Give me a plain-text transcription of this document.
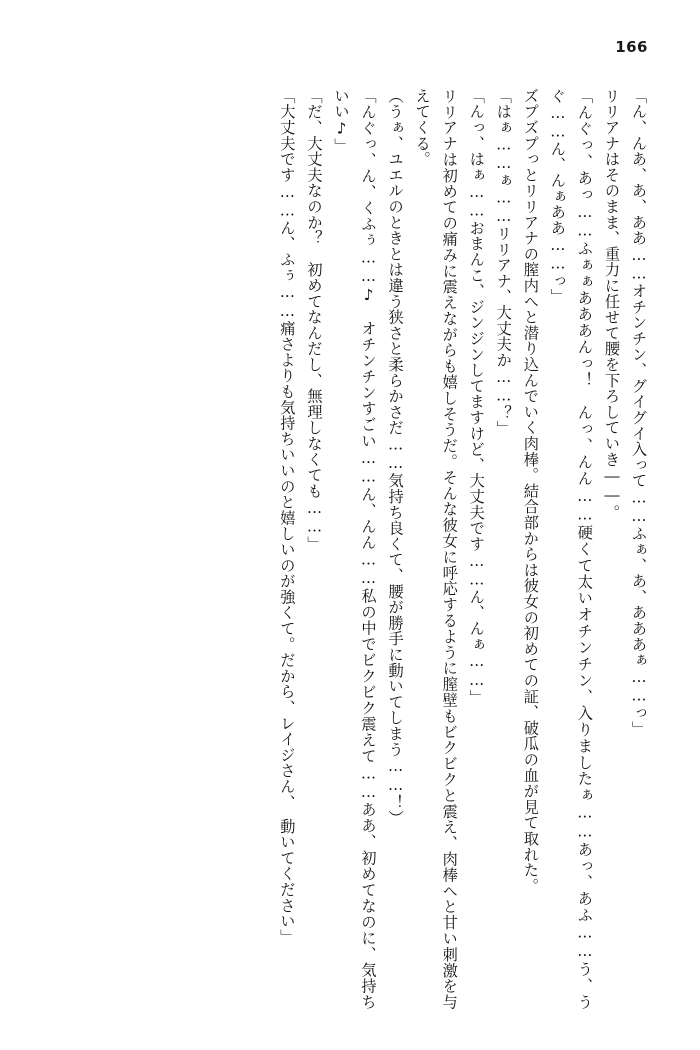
166

「ん、んあ、あ、ああ……オチンチン、グイグイ入って……ふぁ、あ、あああぁ……っ」

リリアナはそのまま、重力に任せて腰を下ろしていき――。

「んぐっ、あっ……ふぁぁあああんっ！　んっ、んん……硬くて太いオチンチン、入りましたぁ……あっ、あふ……う、うぐ……ん、んぁああ……っ」

ズプズプっとリリアナの膣内へと潜り込んでいく肉棒。結合部からは彼女の初めての証、破瓜の血が見て取れた。

「はぁ……ぁ……リリアナ、大丈夫か……？」

「んっ、はぁ……おまんこ、ジンジンしてますけど、大丈夫です……ん、んぁ……」

リリアナは初めての痛みに震えながらも嬉しそうだ。そんな彼女に呼応するように膣壁もビクビクと震え、肉棒へと甘い刺激を与えてくる。

（うぁ、ユエルのときとは違う狭さと柔らかさだ……気持ち良くて、腰が勝手に動いてしまう……！）

「んぐっ、ん、くふぅ……♪　オチンチンすごい……ん、んん……私の中でビクビク震えて……ああ、初めてなのに、気持ちいい♪」

「だ、大丈夫なのか？　初めてなんだし、無理しなくても……」

「大丈夫です……ん、ふぅ……痛さよりも気持ちいいのと嬉しいのが強くて。だから、レイジさん、　動いてください」
